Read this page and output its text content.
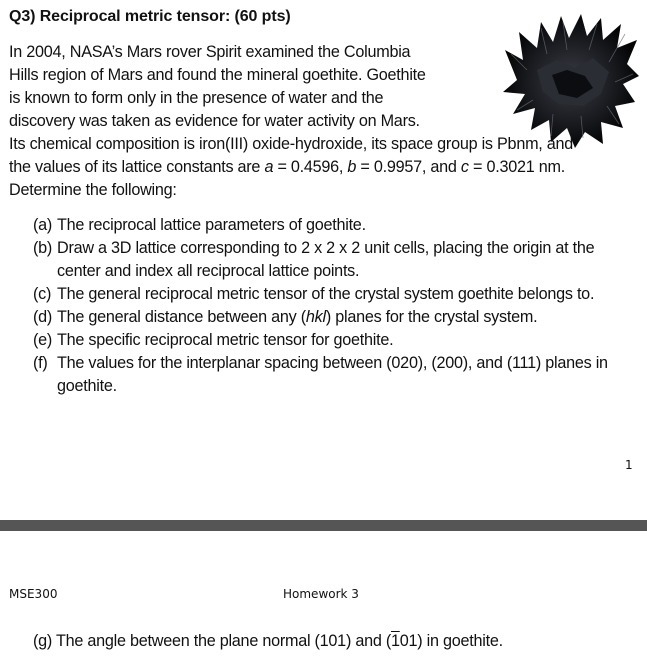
Q3) Reciprocal metric tensor: (60 pts)
In 2004, NASA’s Mars rover Spirit examined the Columbia
Hills region of Mars and found the mineral goethite. Goethite
is known to form only in the presence of water and the
discovery was taken as evidence for water activity on Mars.
Its chemical composition is iron(III) oxide-hydroxide, its space group is Pbnm, and
the values of its lattice constants are a = 0.4596, b = 0.9957, and c = 0.3021 nm.
Determine the following:
(a) The reciprocal lattice parameters of goethite.
(b) Draw a 3D lattice corresponding to 2 x 2 x 2 unit cells, placing the origin at the center and index all reciprocal lattice points.
(c) The general reciprocal metric tensor of the crystal system goethite belongs to.
(d) The general distance between any (hkl) planes for the crystal system.
(e) The specific reciprocal metric tensor for goethite.
(f) The values for the interplanar spacing between (020), (200), and (111) planes in goethite.
1
MSE300	Homework 3
(g) The angle between the plane normal (101) and (101) in goethite.
